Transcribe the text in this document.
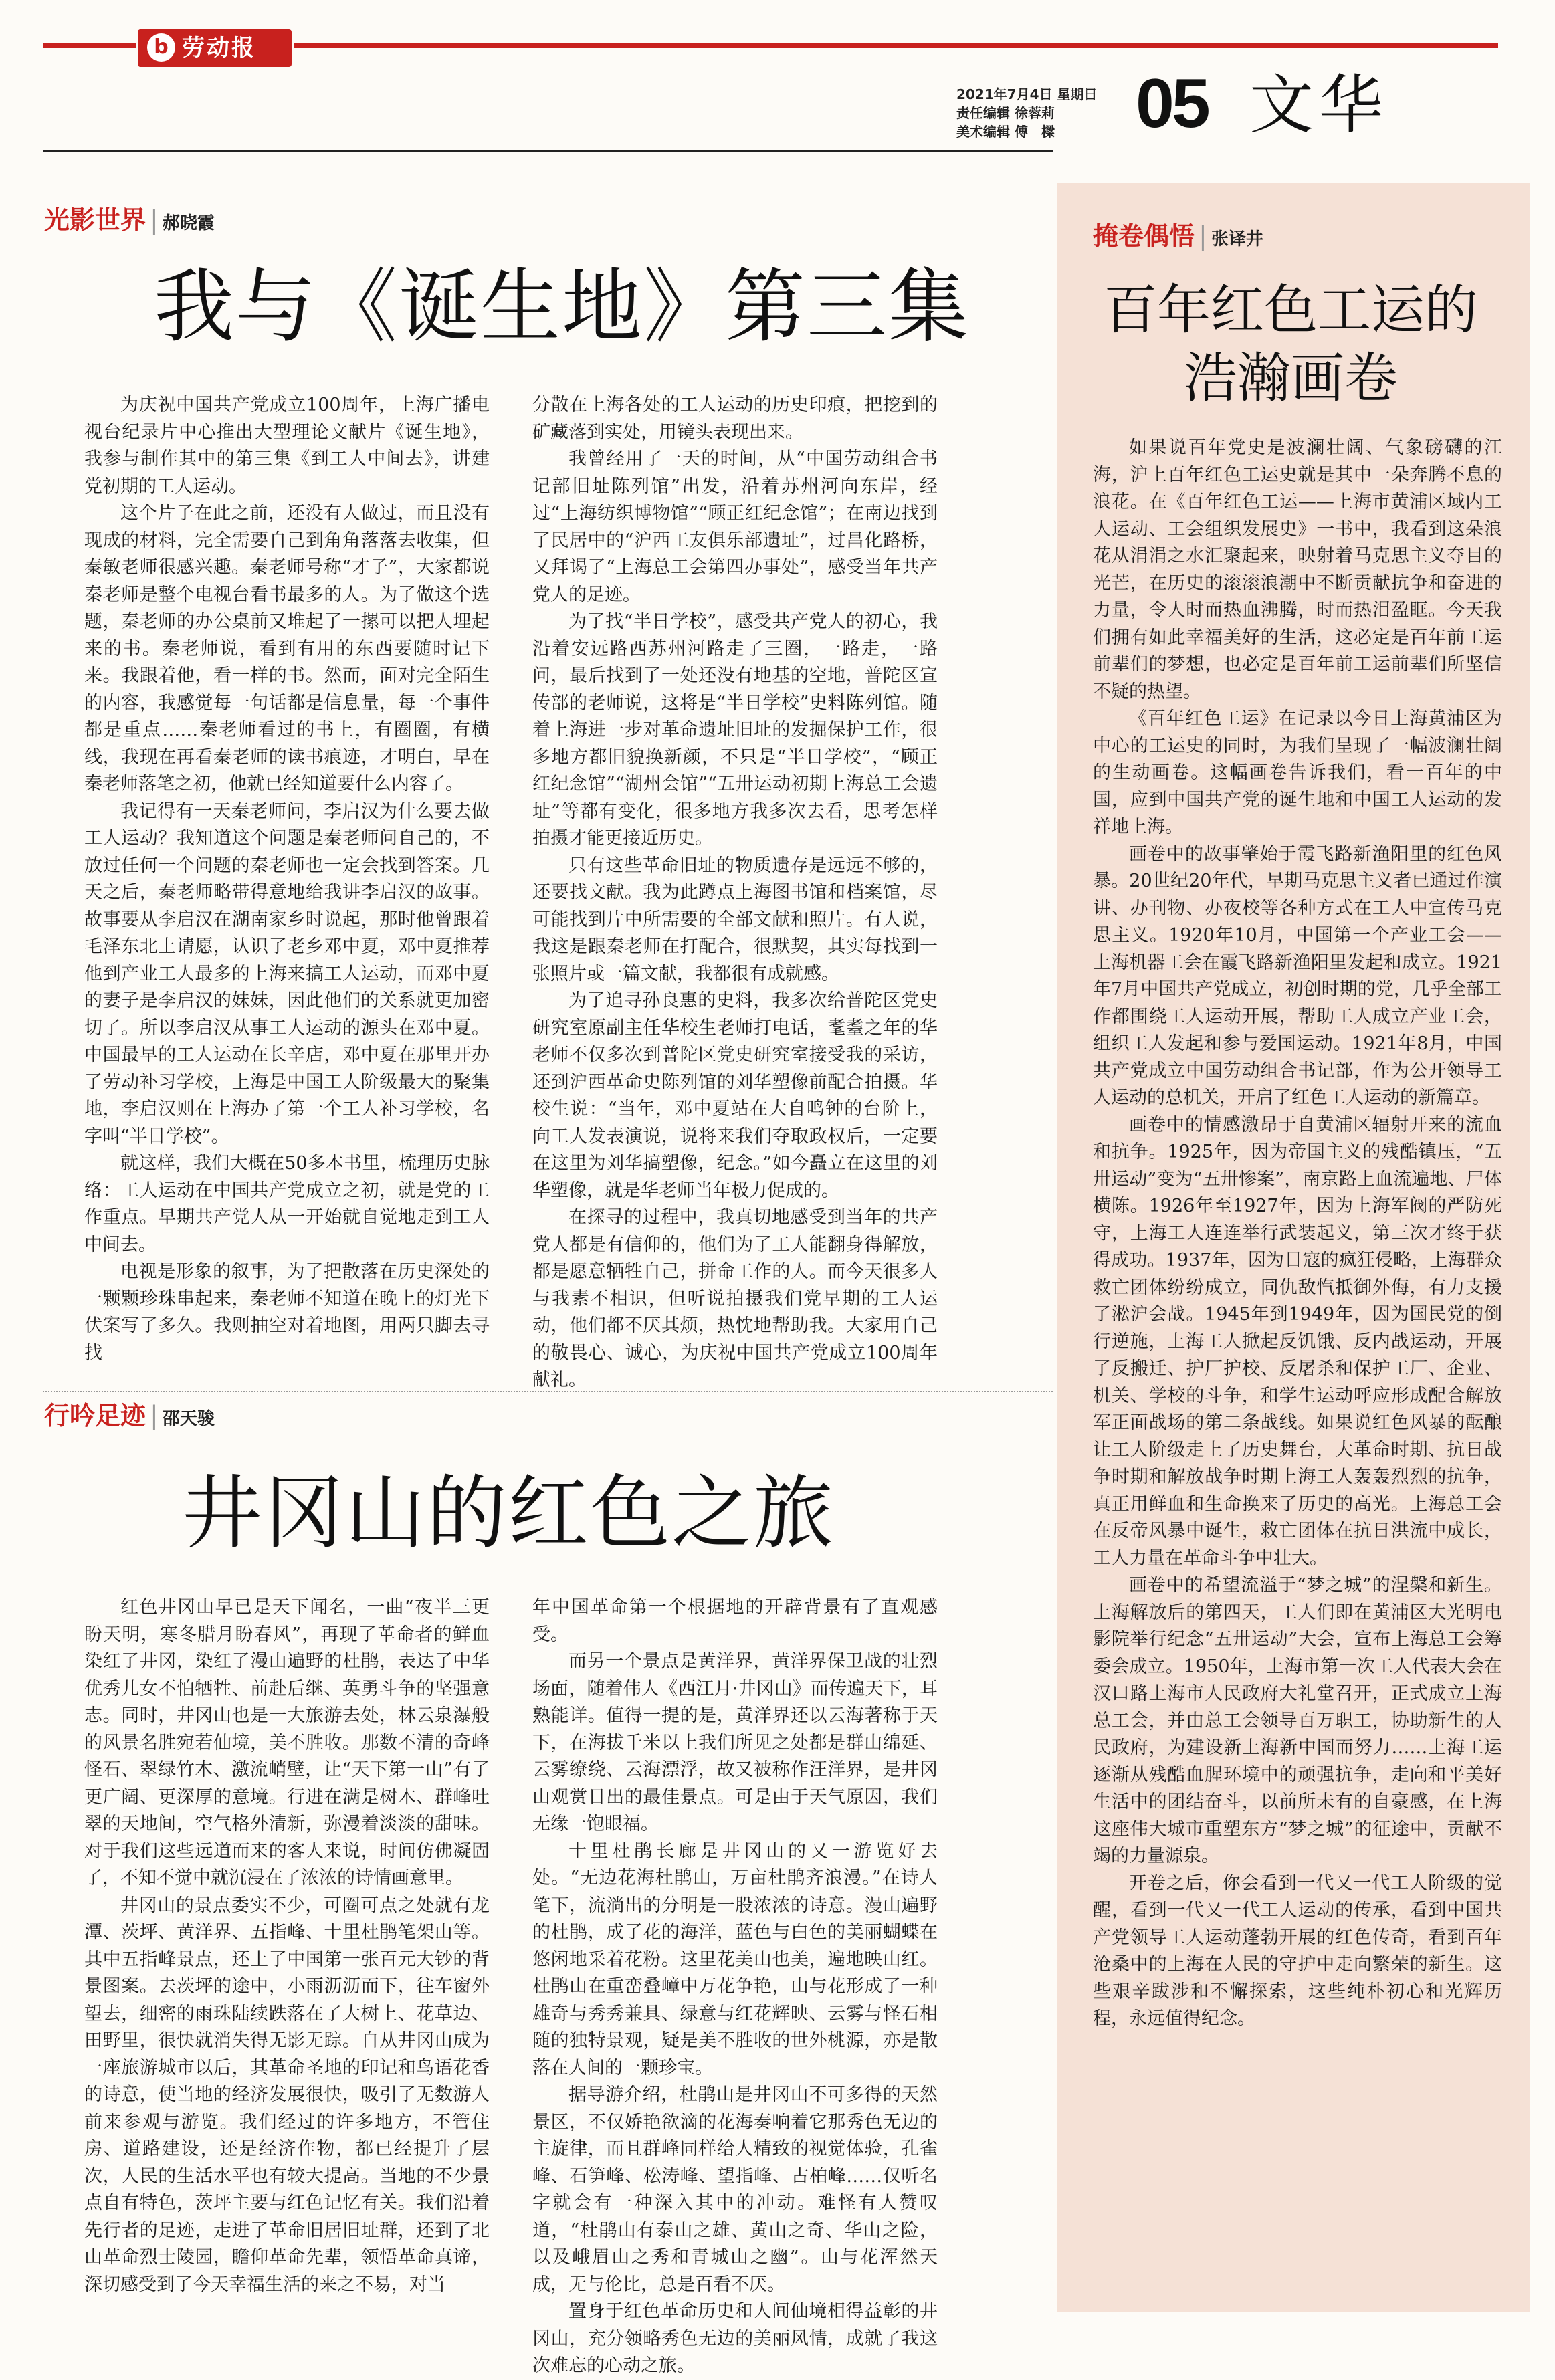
b 劳动报
2021年7月4日 星期日
责任编辑 徐蓉莉
美术编辑 傅　樑 05 文华
光影世界 | 郝晓霞
我与《诞生地》第三集

为庆祝中国共产党成立100周年，上海广播电视台纪录片中心推出大型理论文献片《诞生地》，我参与制作其中的第三集《到工人中间去》，讲建党初期的工人运动。

这个片子在此之前，还没有人做过，而且没有现成的材料，完全需要自己到角角落落去收集，但秦敏老师很感兴趣。秦老师号称“才子”，大家都说秦老师是整个电视台看书最多的人。为了做这个选题，秦老师的办公桌前又堆起了一摞可以把人埋起来的书。秦老师说，看到有用的东西要随时记下来。我跟着他，看一样的书。然而，面对完全陌生的内容，我感觉每一句话都是信息量，每一个事件都是重点……秦老师看过的书上，有圈圈，有横线，我现在再看秦老师的读书痕迹，才明白，早在秦老师落笔之初，他就已经知道要什么内容了。

我记得有一天秦老师问，李启汉为什么要去做工人运动？我知道这个问题是秦老师问自己的，不放过任何一个问题的秦老师也一定会找到答案。几天之后，秦老师略带得意地给我讲李启汉的故事。故事要从李启汉在湖南家乡时说起，那时他曾跟着毛泽东北上请愿，认识了老乡邓中夏，邓中夏推荐他到产业工人最多的上海来搞工人运动，而邓中夏的妻子是李启汉的妹妹，因此他们的关系就更加密切了。所以李启汉从事工人运动的源头在邓中夏。中国最早的工人运动在长辛店，邓中夏在那里开办了劳动补习学校，上海是中国工人阶级最大的聚集地，李启汉则在上海办了第一个工人补习学校，名字叫“半日学校”。

就这样，我们大概在50多本书里，梳理历史脉络：工人运动在中国共产党成立之初，就是党的工作重点。早期共产党人从一开始就自觉地走到工人中间去。

电视是形象的叙事，为了把散落在历史深处的一颗颗珍珠串起来，秦老师不知道在晚上的灯光下伏案写了多久。我则抽空对着地图，用两只脚去寻找

分散在上海各处的工人运动的历史印痕，把挖到的矿藏落到实处，用镜头表现出来。

我曾经用了一天的时间，从“中国劳动组合书记部旧址陈列馆”出发，沿着苏州河向东岸，经过“上海纺织博物馆”“顾正红纪念馆”；在南边找到了民居中的“沪西工友俱乐部遗址”，过昌化路桥，又拜谒了“上海总工会第四办事处”，感受当年共产党人的足迹。

为了找“半日学校”，感受共产党人的初心，我沿着安远路西苏州河路走了三圈，一路走，一路问，最后找到了一处还没有地基的空地，普陀区宣传部的老师说，这将是“半日学校”史料陈列馆。随着上海进一步对革命遗址旧址的发掘保护工作，很多地方都旧貌换新颜，不只是“半日学校”，“顾正红纪念馆”“湖州会馆”“五卅运动初期上海总工会遗址”等都有变化，很多地方我多次去看，思考怎样拍摄才能更接近历史。

只有这些革命旧址的物质遗存是远远不够的，还要找文献。我为此蹲点上海图书馆和档案馆，尽可能找到片中所需要的全部文献和照片。有人说，我这是跟秦老师在打配合，很默契，其实每找到一张照片或一篇文献，我都很有成就感。

为了追寻孙良惠的史料，我多次给普陀区党史研究室原副主任华校生老师打电话，耄耋之年的华老师不仅多次到普陀区党史研究室接受我的采访，还到沪西革命史陈列馆的刘华塑像前配合拍摄。华校生说：“当年，邓中夏站在大自鸣钟的台阶上，向工人发表演说，说将来我们夺取政权后，一定要在这里为刘华搞塑像，纪念。”如今矗立在这里的刘华塑像，就是华老师当年极力促成的。

在探寻的过程中，我真切地感受到当年的共产党人都是有信仰的，他们为了工人能翻身得解放，都是愿意牺牲自己，拼命工作的人。而今天很多人与我素不相识，但听说拍摄我们党早期的工人运动，他们都不厌其烦，热忱地帮助我。大家用自己的敬畏心、诚心，为庆祝中国共产党成立100周年献礼。

行吟足迹 | 邵天骏
井冈山的红色之旅

红色井冈山早已是天下闻名，一曲“夜半三更盼天明，寒冬腊月盼春风”，再现了革命者的鲜血染红了井冈，染红了漫山遍野的杜鹃，表达了中华优秀儿女不怕牺牲、前赴后继、英勇斗争的坚强意志。同时，井冈山也是一大旅游去处，林云泉瀑般的风景名胜宛若仙境，美不胜收。那数不清的奇峰怪石、翠绿竹木、激流峭壁，让“天下第一山”有了更广阔、更深厚的意境。行进在满是树木、群峰吐翠的天地间，空气格外清新，弥漫着淡淡的甜味。对于我们这些远道而来的客人来说，时间仿佛凝固了，不知不觉中就沉浸在了浓浓的诗情画意里。

井冈山的景点委实不少，可圈可点之处就有龙潭、茨坪、黄洋界、五指峰、十里杜鹃笔架山等。其中五指峰景点，还上了中国第一张百元大钞的背景图案。去茨坪的途中，小雨沥沥而下，往车窗外望去，细密的雨珠陆续跌落在了大树上、花草边、田野里，很快就消失得无影无踪。自从井冈山成为一座旅游城市以后，其革命圣地的印记和鸟语花香的诗意，使当地的经济发展很快，吸引了无数游人前来参观与游览。我们经过的许多地方，不管住房、道路建设，还是经济作物，都已经提升了层次，人民的生活水平也有较大提高。当地的不少景点自有特色，茨坪主要与红色记忆有关。我们沿着先行者的足迹，走进了革命旧居旧址群，还到了北山革命烈士陵园，瞻仰革命先辈，领悟革命真谛，深切感受到了今天幸福生活的来之不易，对当

年中国革命第一个根据地的开辟背景有了直观感受。

而另一个景点是黄洋界，黄洋界保卫战的壮烈场面，随着伟人《西江月·井冈山》而传遍天下，耳熟能详。值得一提的是，黄洋界还以云海著称于天下，在海拔千米以上我们所见之处都是群山绵延、云雾缭绕、云海漂浮，故又被称作汪洋界，是井冈山观赏日出的最佳景点。可是由于天气原因，我们无缘一饱眼福。

十里杜鹃长廊是井冈山的又一游览好去处。“无边花海杜鹃山，万亩杜鹃齐浪漫。”在诗人笔下，流淌出的分明是一股浓浓的诗意。漫山遍野的杜鹃，成了花的海洋，蓝色与白色的美丽蝴蝶在悠闲地采着花粉。这里花美山也美，遍地映山红。杜鹃山在重峦叠嶂中万花争艳，山与花形成了一种雄奇与秀秀兼具、绿意与红花辉映、云雾与怪石相随的独特景观，疑是美不胜收的世外桃源，亦是散落在人间的一颗珍宝。

据导游介绍，杜鹃山是井冈山不可多得的天然景区，不仅娇艳欲滴的花海奏响着它那秀色无边的主旋律，而且群峰同样给人精致的视觉体验，孔雀峰、石笋峰、松涛峰、望指峰、古柏峰……仅听名字就会有一种深入其中的冲动。难怪有人赞叹道，“杜鹃山有泰山之雄、黄山之奇、华山之险，以及峨眉山之秀和青城山之幽”。山与花浑然天成，无与伦比，总是百看不厌。

置身于红色革命历史和人间仙境相得益彰的井冈山，充分领略秀色无边的美丽风情，成就了我这次难忘的心动之旅。

掩卷偶悟 | 张译井
百年红色工运的
浩瀚画卷

如果说百年党史是波澜壮阔、气象磅礴的江海，沪上百年红色工运史就是其中一朵奔腾不息的浪花。在《百年红色工运——上海市黄浦区域内工人运动、工会组织发展史》一书中，我看到这朵浪花从涓涓之水汇聚起来，映射着马克思主义夺目的光芒，在历史的滚滚浪潮中不断贡献抗争和奋进的力量，令人时而热血沸腾，时而热泪盈眶。今天我们拥有如此幸福美好的生活，这必定是百年前工运前辈们的梦想，也必定是百年前工运前辈们所坚信不疑的热望。

《百年红色工运》在记录以今日上海黄浦区为中心的工运史的同时，为我们呈现了一幅波澜壮阔的生动画卷。这幅画卷告诉我们，看一百年的中国，应到中国共产党的诞生地和中国工人运动的发祥地上海。

画卷中的故事肇始于霞飞路新渔阳里的红色风暴。20世纪20年代，早期马克思主义者已通过作演讲、办刊物、办夜校等各种方式在工人中宣传马克思主义。1920年10月，中国第一个产业工会——上海机器工会在霞飞路新渔阳里发起和成立。1921年7月中国共产党成立，初创时期的党，几乎全部工作都围绕工人运动开展，帮助工人成立产业工会，组织工人发起和参与爱国运动。1921年8月，中国共产党成立中国劳动组合书记部，作为公开领导工人运动的总机关，开启了红色工人运动的新篇章。

画卷中的情感激昂于自黄浦区辐射开来的流血和抗争。1925年，因为帝国主义的残酷镇压，“五卅运动”变为“五卅惨案”，南京路上血流遍地、尸体横陈。1926年至1927年，因为上海军阀的严防死守，上海工人连连举行武装起义，第三次才终于获得成功。1937年，因为日寇的疯狂侵略，上海群众救亡团体纷纷成立，同仇敌忾抵御外侮，有力支援了淞沪会战。1945年到1949年，因为国民党的倒行逆施，上海工人掀起反饥饿、反内战运动，开展了反搬迁、护厂护校、反屠杀和保护工厂、企业、机关、学校的斗争，和学生运动呼应形成配合解放军正面战场的第二条战线。如果说红色风暴的酝酿让工人阶级走上了历史舞台，大革命时期、抗日战争时期和解放战争时期上海工人轰轰烈烈的抗争，真正用鲜血和生命换来了历史的高光。上海总工会在反帝风暴中诞生，救亡团体在抗日洪流中成长，工人力量在革命斗争中壮大。

画卷中的希望流溢于“梦之城”的涅槃和新生。上海解放后的第四天，工人们即在黄浦区大光明电影院举行纪念“五卅运动”大会，宣布上海总工会筹委会成立。1950年，上海市第一次工人代表大会在汉口路上海市人民政府大礼堂召开，正式成立上海总工会，并由总工会领导百万职工，协助新生的人民政府，为建设新上海新中国而努力……上海工运逐渐从残酷血腥环境中的顽强抗争，走向和平美好生活中的团结奋斗，以前所未有的自豪感，在上海这座伟大城市重塑东方“梦之城”的征途中，贡献不竭的力量源泉。

开卷之后，你会看到一代又一代工人阶级的觉醒，看到一代又一代工人运动的传承，看到中国共产党领导工人运动蓬勃开展的红色传奇，看到百年沧桑中的上海在人民的守护中走向繁荣的新生。这些艰辛跋涉和不懈探索，这些纯朴初心和光辉历程，永远值得纪念。
